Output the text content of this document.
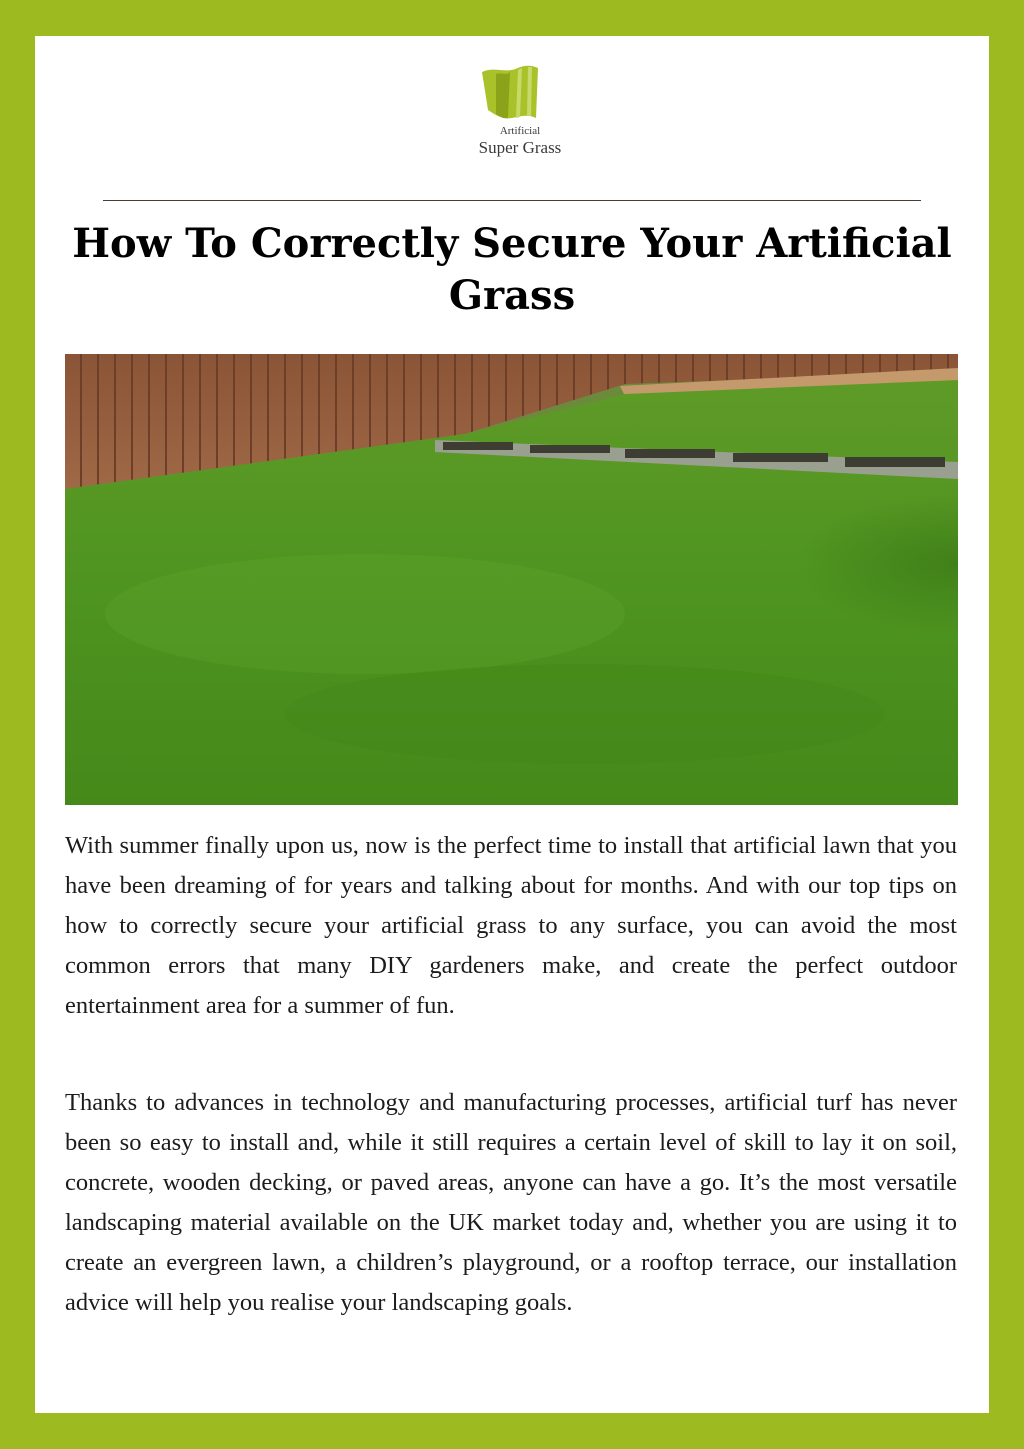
Artificial
Super Grass
How To Correctly Secure Your Artificial Grass

With summer finally upon us, now is the perfect time to install that artificial lawn that you have been dreaming of for years and talking about for months. And with our top tips on how to correctly secure your artificial grass to any surface, you can avoid the most common errors that many DIY gardeners make, and create the perfect outdoor entertainment area for a summer of fun.

Thanks to advances in technology and manufacturing processes, artificial turf has never been so easy to install and, while it still requires a certain level of skill to lay it on soil, concrete, wooden decking, or paved areas, anyone can have a go. It’s the most versatile landscaping material available on the UK market today and, whether you are using it to create an evergreen lawn, a children’s playground, or a rooftop terrace, our installation advice will help you realise your landscaping goals.
